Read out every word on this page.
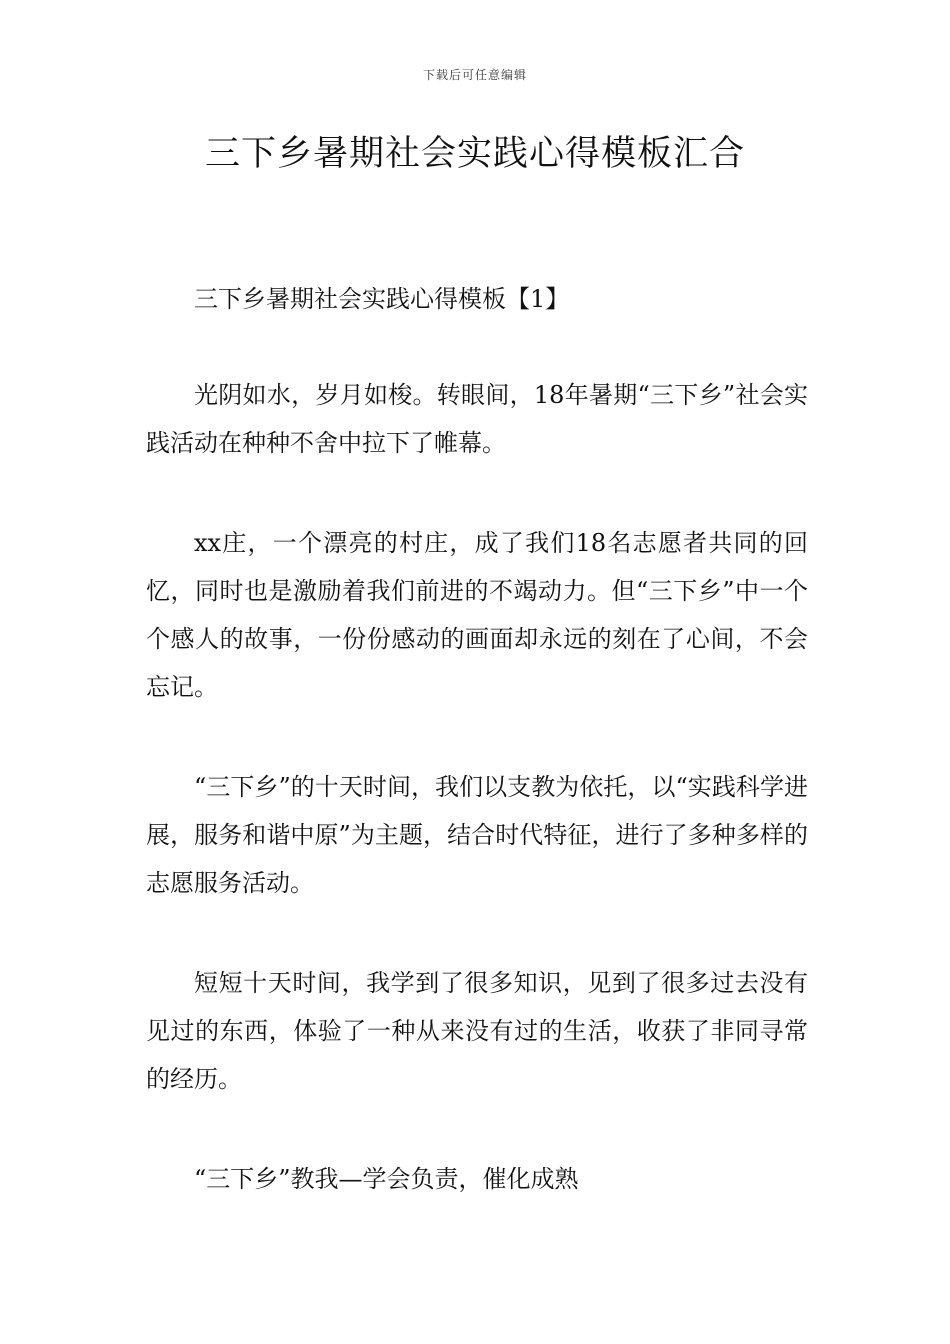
下载后可任意编辑
三下乡暑期社会实践心得模板汇合

三下乡暑期社会实践心得模板【1】

光阴如水，岁月如梭。转眼间，18年暑期“三下乡”社会实践活动在种种不舍中拉下了帷幕。

xx庄，一个漂亮的村庄，成了我们18名志愿者共同的回忆，同时也是激励着我们前进的不竭动力。但“三下乡”中一个个感人的故事，一份份感动的画面却永远的刻在了心间，不会忘记。

“三下乡”的十天时间，我们以支教为依托，以“实践科学进展，服务和谐中原”为主题，结合时代特征，进行了多种多样的志愿服务活动。

短短十天时间，我学到了很多知识，见到了很多过去没有见过的东西，体验了一种从来没有过的生活，收获了非同寻常的经历。

“三下乡”教我—学会负责，催化成熟
